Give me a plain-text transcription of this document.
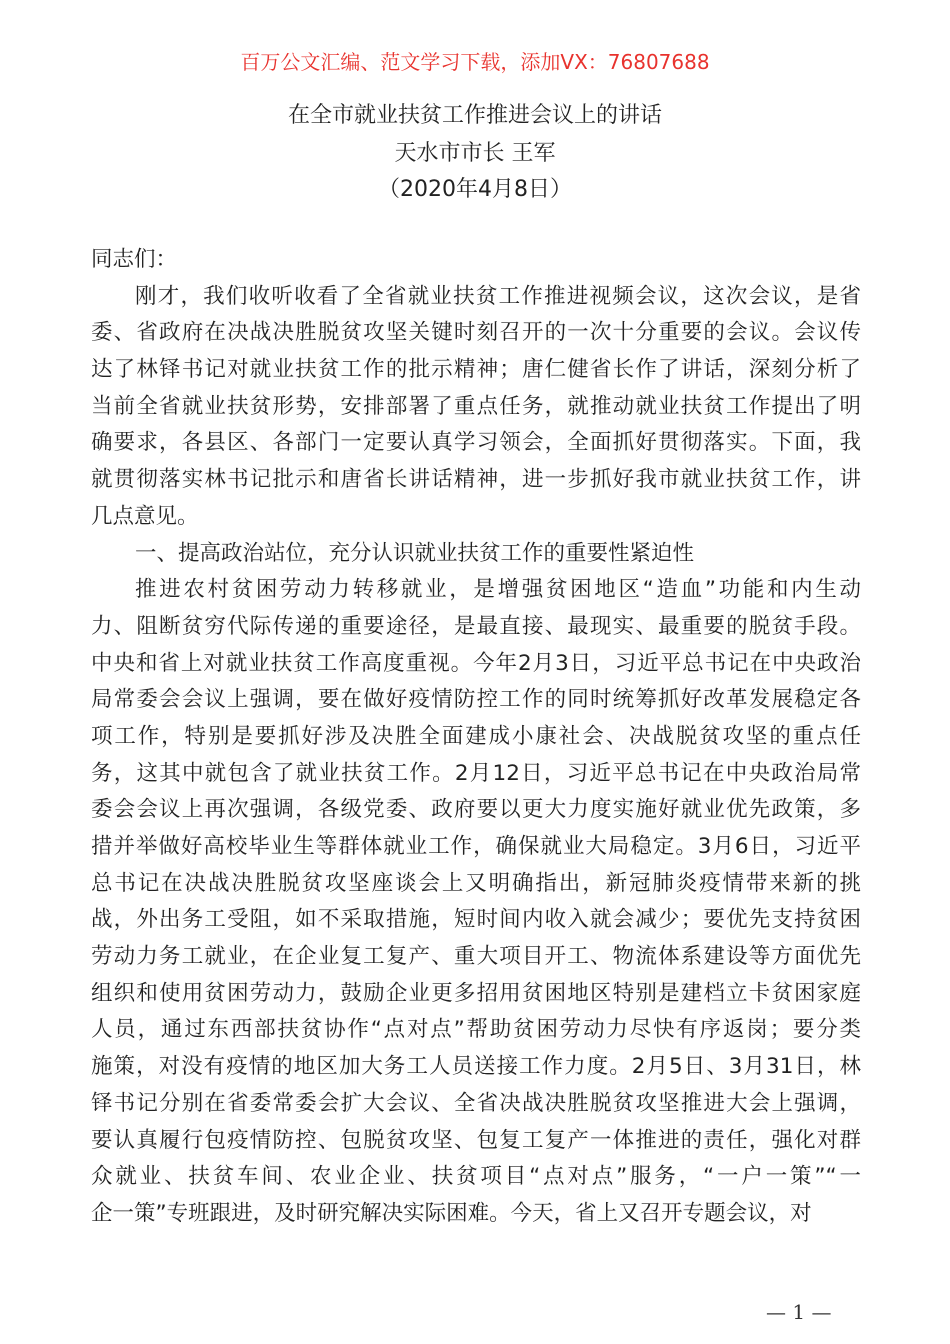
百万公文汇编、范文学习下载，添加VX：76807688
在全市就业扶贫工作推进会议上的讲话
天水市市长 王军
（2020年4月8日）
同志们：
刚才，我们收听收看了全省就业扶贫工作推进视频会议，这次会议，是省
委、省政府在决战决胜脱贫攻坚关键时刻召开的一次十分重要的会议。会议传
达了林铎书记对就业扶贫工作的批示精神；唐仁健省长作了讲话，深刻分析了
当前全省就业扶贫形势，安排部署了重点任务，就推动就业扶贫工作提出了明
确要求，各县区、各部门一定要认真学习领会，全面抓好贯彻落实。下面，我
就贯彻落实林书记批示和唐省长讲话精神，进一步抓好我市就业扶贫工作，讲
几点意见。
一、提高政治站位，充分认识就业扶贫工作的重要性紧迫性
推进农村贫困劳动力转移就业，是增强贫困地区“造血”功能和内生动
力、阻断贫穷代际传递的重要途径，是最直接、最现实、最重要的脱贫手段。
中央和省上对就业扶贫工作高度重视。今年2月3日，习近平总书记在中央政治
局常委会会议上强调，要在做好疫情防控工作的同时统筹抓好改革发展稳定各
项工作，特别是要抓好涉及决胜全面建成小康社会、决战脱贫攻坚的重点任
务，这其中就包含了就业扶贫工作。2月12日，习近平总书记在中央政治局常
委会会议上再次强调，各级党委、政府要以更大力度实施好就业优先政策，多
措并举做好高校毕业生等群体就业工作，确保就业大局稳定。3月6日，习近平
总书记在决战决胜脱贫攻坚座谈会上又明确指出，新冠肺炎疫情带来新的挑
战，外出务工受阻，如不采取措施，短时间内收入就会减少；要优先支持贫困
劳动力务工就业，在企业复工复产、重大项目开工、物流体系建设等方面优先
组织和使用贫困劳动力，鼓励企业更多招用贫困地区特别是建档立卡贫困家庭
人员，通过东西部扶贫协作“点对点”帮助贫困劳动力尽快有序返岗；要分类
施策，对没有疫情的地区加大务工人员送接工作力度。2月5日、3月31日，林
铎书记分别在省委常委会扩大会议、全省决战决胜脱贫攻坚推进大会上强调，
要认真履行包疫情防控、包脱贫攻坚、包复工复产一体推进的责任，强化对群
众就业、扶贫车间、农业企业、扶贫项目“点对点”服务，“一户一策”“一
企一策”专班跟进，及时研究解决实际困难。今天，省上又召开专题会议，对
— 1 —
